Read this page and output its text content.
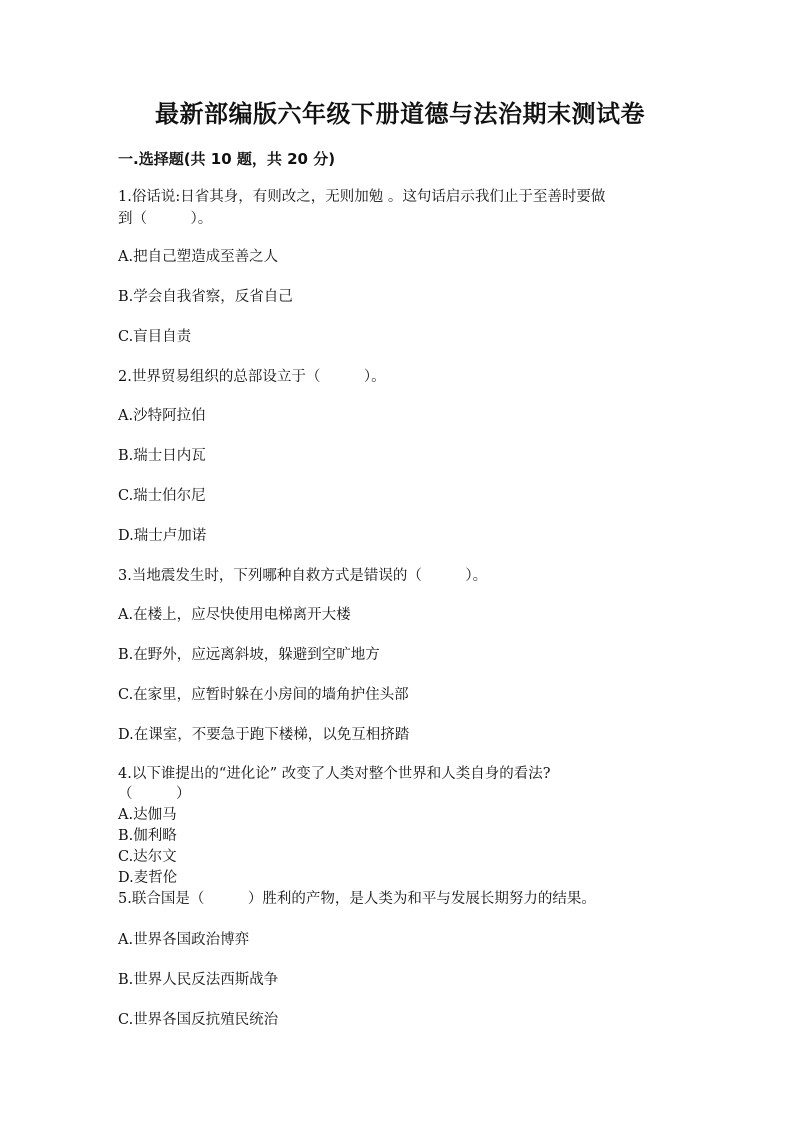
最新部编版六年级下册道德与法治期末测试卷
一.选择题(共 10 题，共 20 分)
1.俗话说:日省其身，有则改之，无则加勉 。这句话启示我们止于至善时要做
到（　　　）。
A.把自己塑造成至善之人
B.学会自我省察，反省自己
C.盲目自责
2.世界贸易组织的总部设立于（　　　）。
A.沙特阿拉伯
B.瑞士日内瓦
C.瑞士伯尔尼
D.瑞士卢加诺
3.当地震发生时，下列哪种自救方式是错误的（　　　）。
A.在楼上，应尽快使用电梯离开大楼
B.在野外，应远离斜坡，躲避到空旷地方
C.在家里，应暂时躲在小房间的墙角护住头部
D.在课室，不要急于跑下楼梯，以免互相挤踏
4.以下谁提出的“进化论” 改变了人类对整个世界和人类自身的看法?
（　　　）
A.达伽马
B.伽利略
C.达尔文
D.麦哲伦
5.联合国是（　　　）胜利的产物，是人类为和平与发展长期努力的结果。
A.世界各国政治博弈
B.世界人民反法西斯战争
C.世界各国反抗殖民统治
